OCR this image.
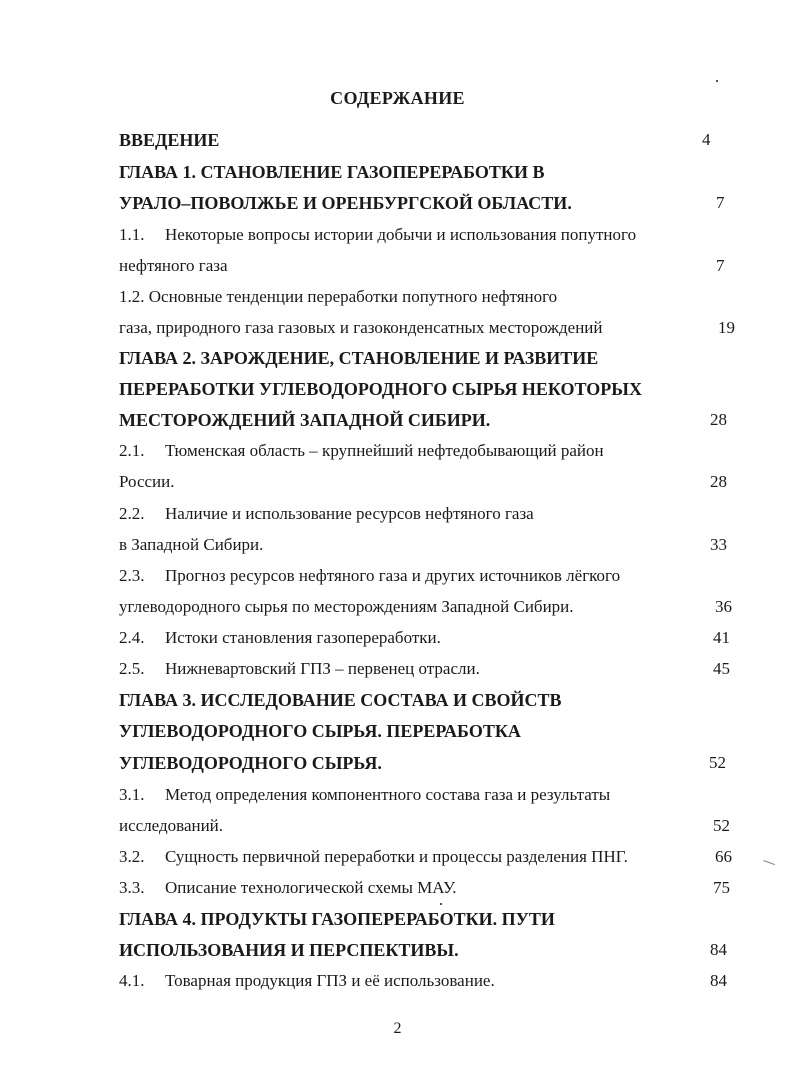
СОДЕРЖАНИЕ
ВВЕДЕНИЕ	4
ГЛАВА 1. СТАНОВЛЕНИЕ ГАЗОПЕРЕРАБОТКИ В
УРАЛО–ПОВОЛЖЬЕ И ОРЕНБУРГСКОЙ ОБЛАСТИ.	7
1.1. Некоторые вопросы истории добычи и использования попутного
нефтяного газа	7
1.2. Основные тенденции переработки попутного нефтяного
газа, природного газа газовых и газоконденсатных месторождений	19
ГЛАВА 2. ЗАРОЖДЕНИЕ, СТАНОВЛЕНИЕ И РАЗВИТИЕ
ПЕРЕРАБОТКИ УГЛЕВОДОРОДНОГО СЫРЬЯ НЕКОТОРЫХ
МЕСТОРОЖДЕНИЙ ЗАПАДНОЙ СИБИРИ.	28
2.1. Тюменская область – крупнейший нефтедобывающий район
России.	28
2.2. Наличие и использование ресурсов нефтяного газа
в Западной Сибири.	33
2.3. Прогноз ресурсов нефтяного газа и других источников лёгкого
углеводородного сырья по месторождениям Западной Сибири.	36
2.4. Истоки становления газопереработки.	41
2.5. Нижневартовский ГПЗ – первенец отрасли.	45
ГЛАВА 3. ИССЛЕДОВАНИЕ СОСТАВА И СВОЙСТВ
УГЛЕВОДОРОДНОГО СЫРЬЯ. ПЕРЕРАБОТКА
УГЛЕВОДОРОДНОГО СЫРЬЯ.	52
3.1. Метод определения компонентного состава газа и результаты
исследований.	52
3.2. Сущность первичной переработки и процессы разделения ПНГ.	66
3.3. Описание технологической схемы МАУ.	75
ГЛАВА 4. ПРОДУКТЫ ГАЗОПЕРЕРАБОТКИ. ПУТИ
ИСПОЛЬЗОВАНИЯ И ПЕРСПЕКТИВЫ.	84
4.1. Товарная продукция ГПЗ и её использование.	84
2
